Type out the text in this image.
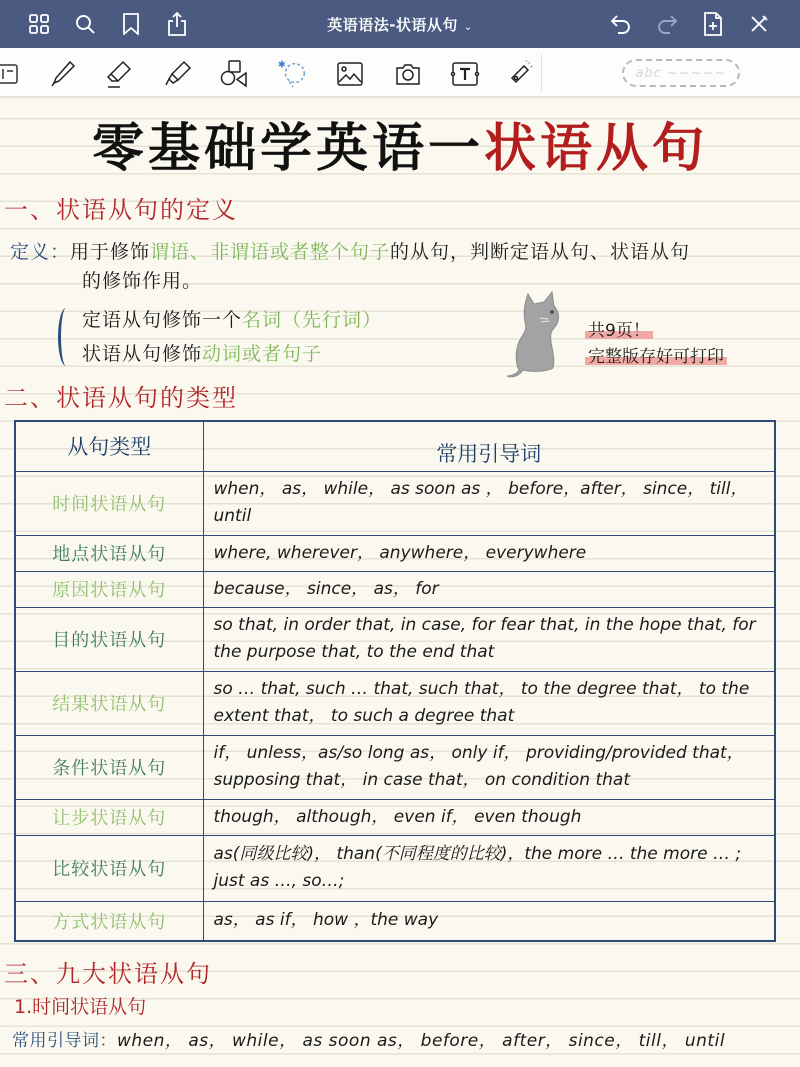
英语语法-状语从句 ⌄
✱
abc ~~~~~
零基础学英语一状语从句
一、状语从句的定义
定义：用于修饰谓语、非谓语或者整个句子的从句，判断定语从句、状语从句
的修饰作用。
定语从句修饰一个名词（先行词）
状语从句修饰动词或者句子
共9页！
完整版存好可打印
二、状语从句的类型
从句类型	常用引导词
时间状语从句	when， as， while， as soon as ， before，after， since， till， until
地点状语从句	where, wherever， anywhere， everywhere
原因状语从句	because， since， as， for
目的状语从句	so that, in order that, in case, for fear that, in the hope that, for the purpose that, to the end that
结果状语从句	so … that, such … that, such that， to the degree that， to the extent that， to such a degree that
条件状语从句	if， unless，as/so long as， only if， providing/provided that， supposing that， in case that， on condition that
让步状语从句	though， although， even if， even though
比较状语从句	as(同级比较)， than(不同程度的比较)，the more … the more … ; just as …, so…;
方式状语从句	as， as if， how ，the way
三、九大状语从句
1.时间状语从句
常用引导词：when， as， while， as soon as， before， after， since， till， until
